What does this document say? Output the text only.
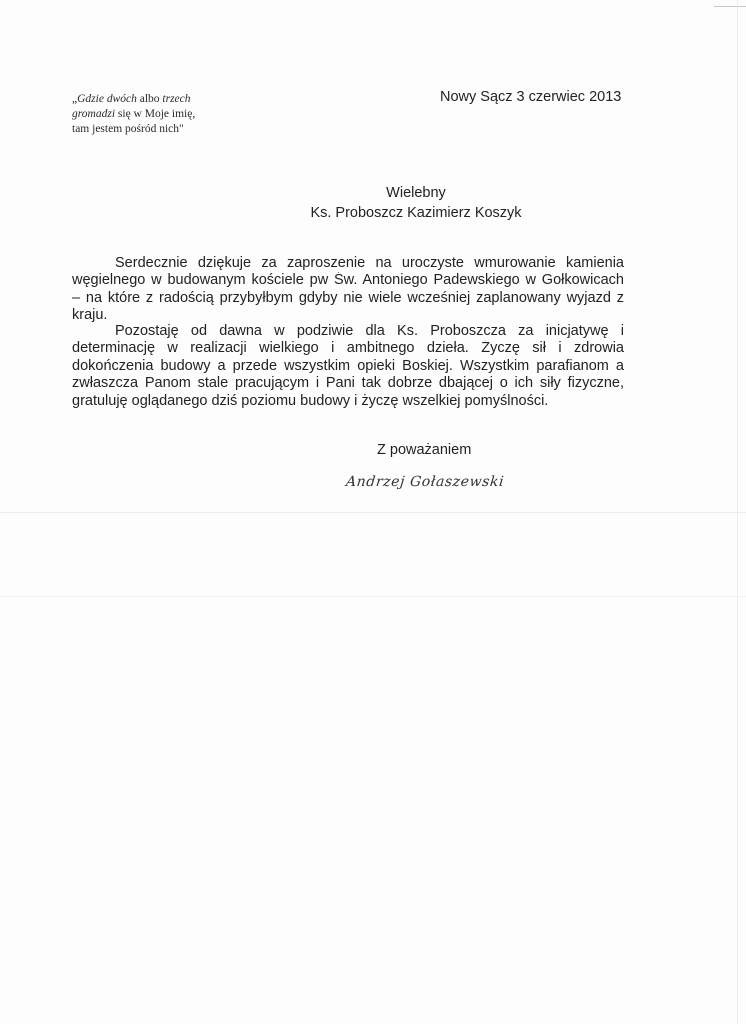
„Gdzie dwóch albo trzech
gromadzi się w Moje imię,
tam jestem pośród nich"
Nowy Sącz 3 czerwiec 2013
Wielebny
Ks. Proboszcz Kazimierz Koszyk
Serdecznie dziękuje za zaproszenie na uroczyste wmurowanie kamienia
węgielnego w budowanym kościele pw Św. Antoniego Padewskiego w Gołkowicach
– na które z radością przybyłbym gdyby nie wiele wcześniej zaplanowany wyjazd z
kraju.
Pozostaję od dawna w podziwie dla Ks. Proboszcza za inicjatywę i
determinację w realizacji wielkiego i ambitnego dzieła. Życzę sił i zdrowia
dokończenia budowy a przede wszystkim opieki Boskiej. Wszystkim parafianom a
zwłaszcza Panom stale pracującym i Pani tak dobrze dbającej o ich siły fizyczne,
gratuluję oglądanego dziś poziomu budowy i życzę wszelkiej pomyślności.
Z poważaniem
Andrzej Gołaszewski
